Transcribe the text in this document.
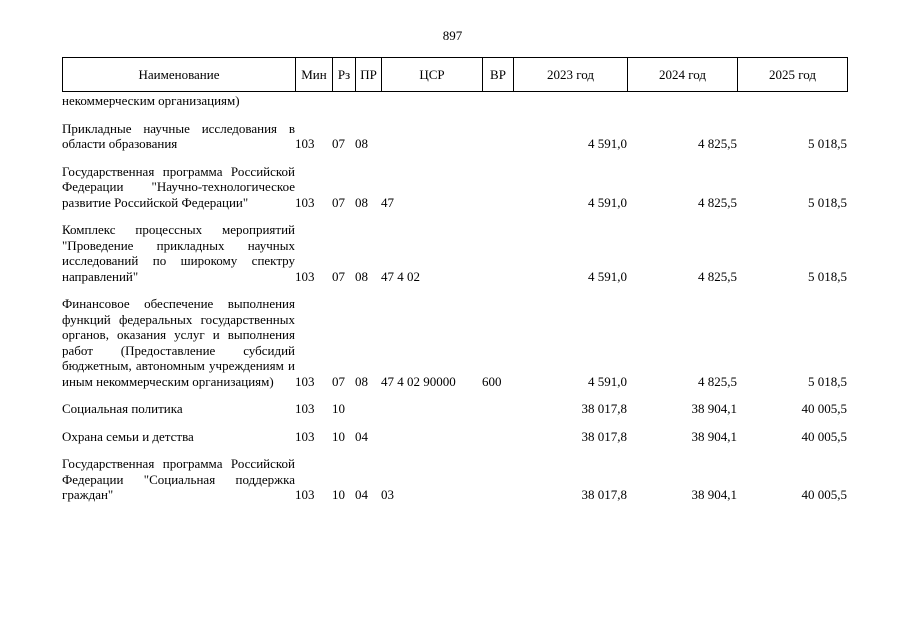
897
Наименование	Мин	Рз	ПР	ЦСР	ВР	2023 год	2024 год	2025 год
некоммерческим организациям)								

Прикладные научные исследования в области образования	103	07	08			4 591,0	4 825,5	5 018,5

Государственная программа Российской Федерации "Научно-технологическое развитие Российской Федерации"	103	07	08	47		4 591,0	4 825,5	5 018,5

Комплекс процессных мероприятий "Проведение прикладных научных исследований по широкому спектру направлений"	103	07	08	47 4 02		4 591,0	4 825,5	5 018,5

Финансовое обеспечение выполнения функций федеральных государственных органов, оказания услуг и выполнения работ (Предоставление субсидий бюджетным, автономным учреждениям и иным некоммерческим организациям)	103	07	08	47 4 02 90000	600	4 591,0	4 825,5	5 018,5

Социальная политика	103	10				38 017,8	38 904,1	40 005,5

Охрана семьи и детства	103	10	04			38 017,8	38 904,1	40 005,5

Государственная программа Российской Федерации "Социальная поддержка граждан"	103	10	04	03		38 017,8	38 904,1	40 005,5
